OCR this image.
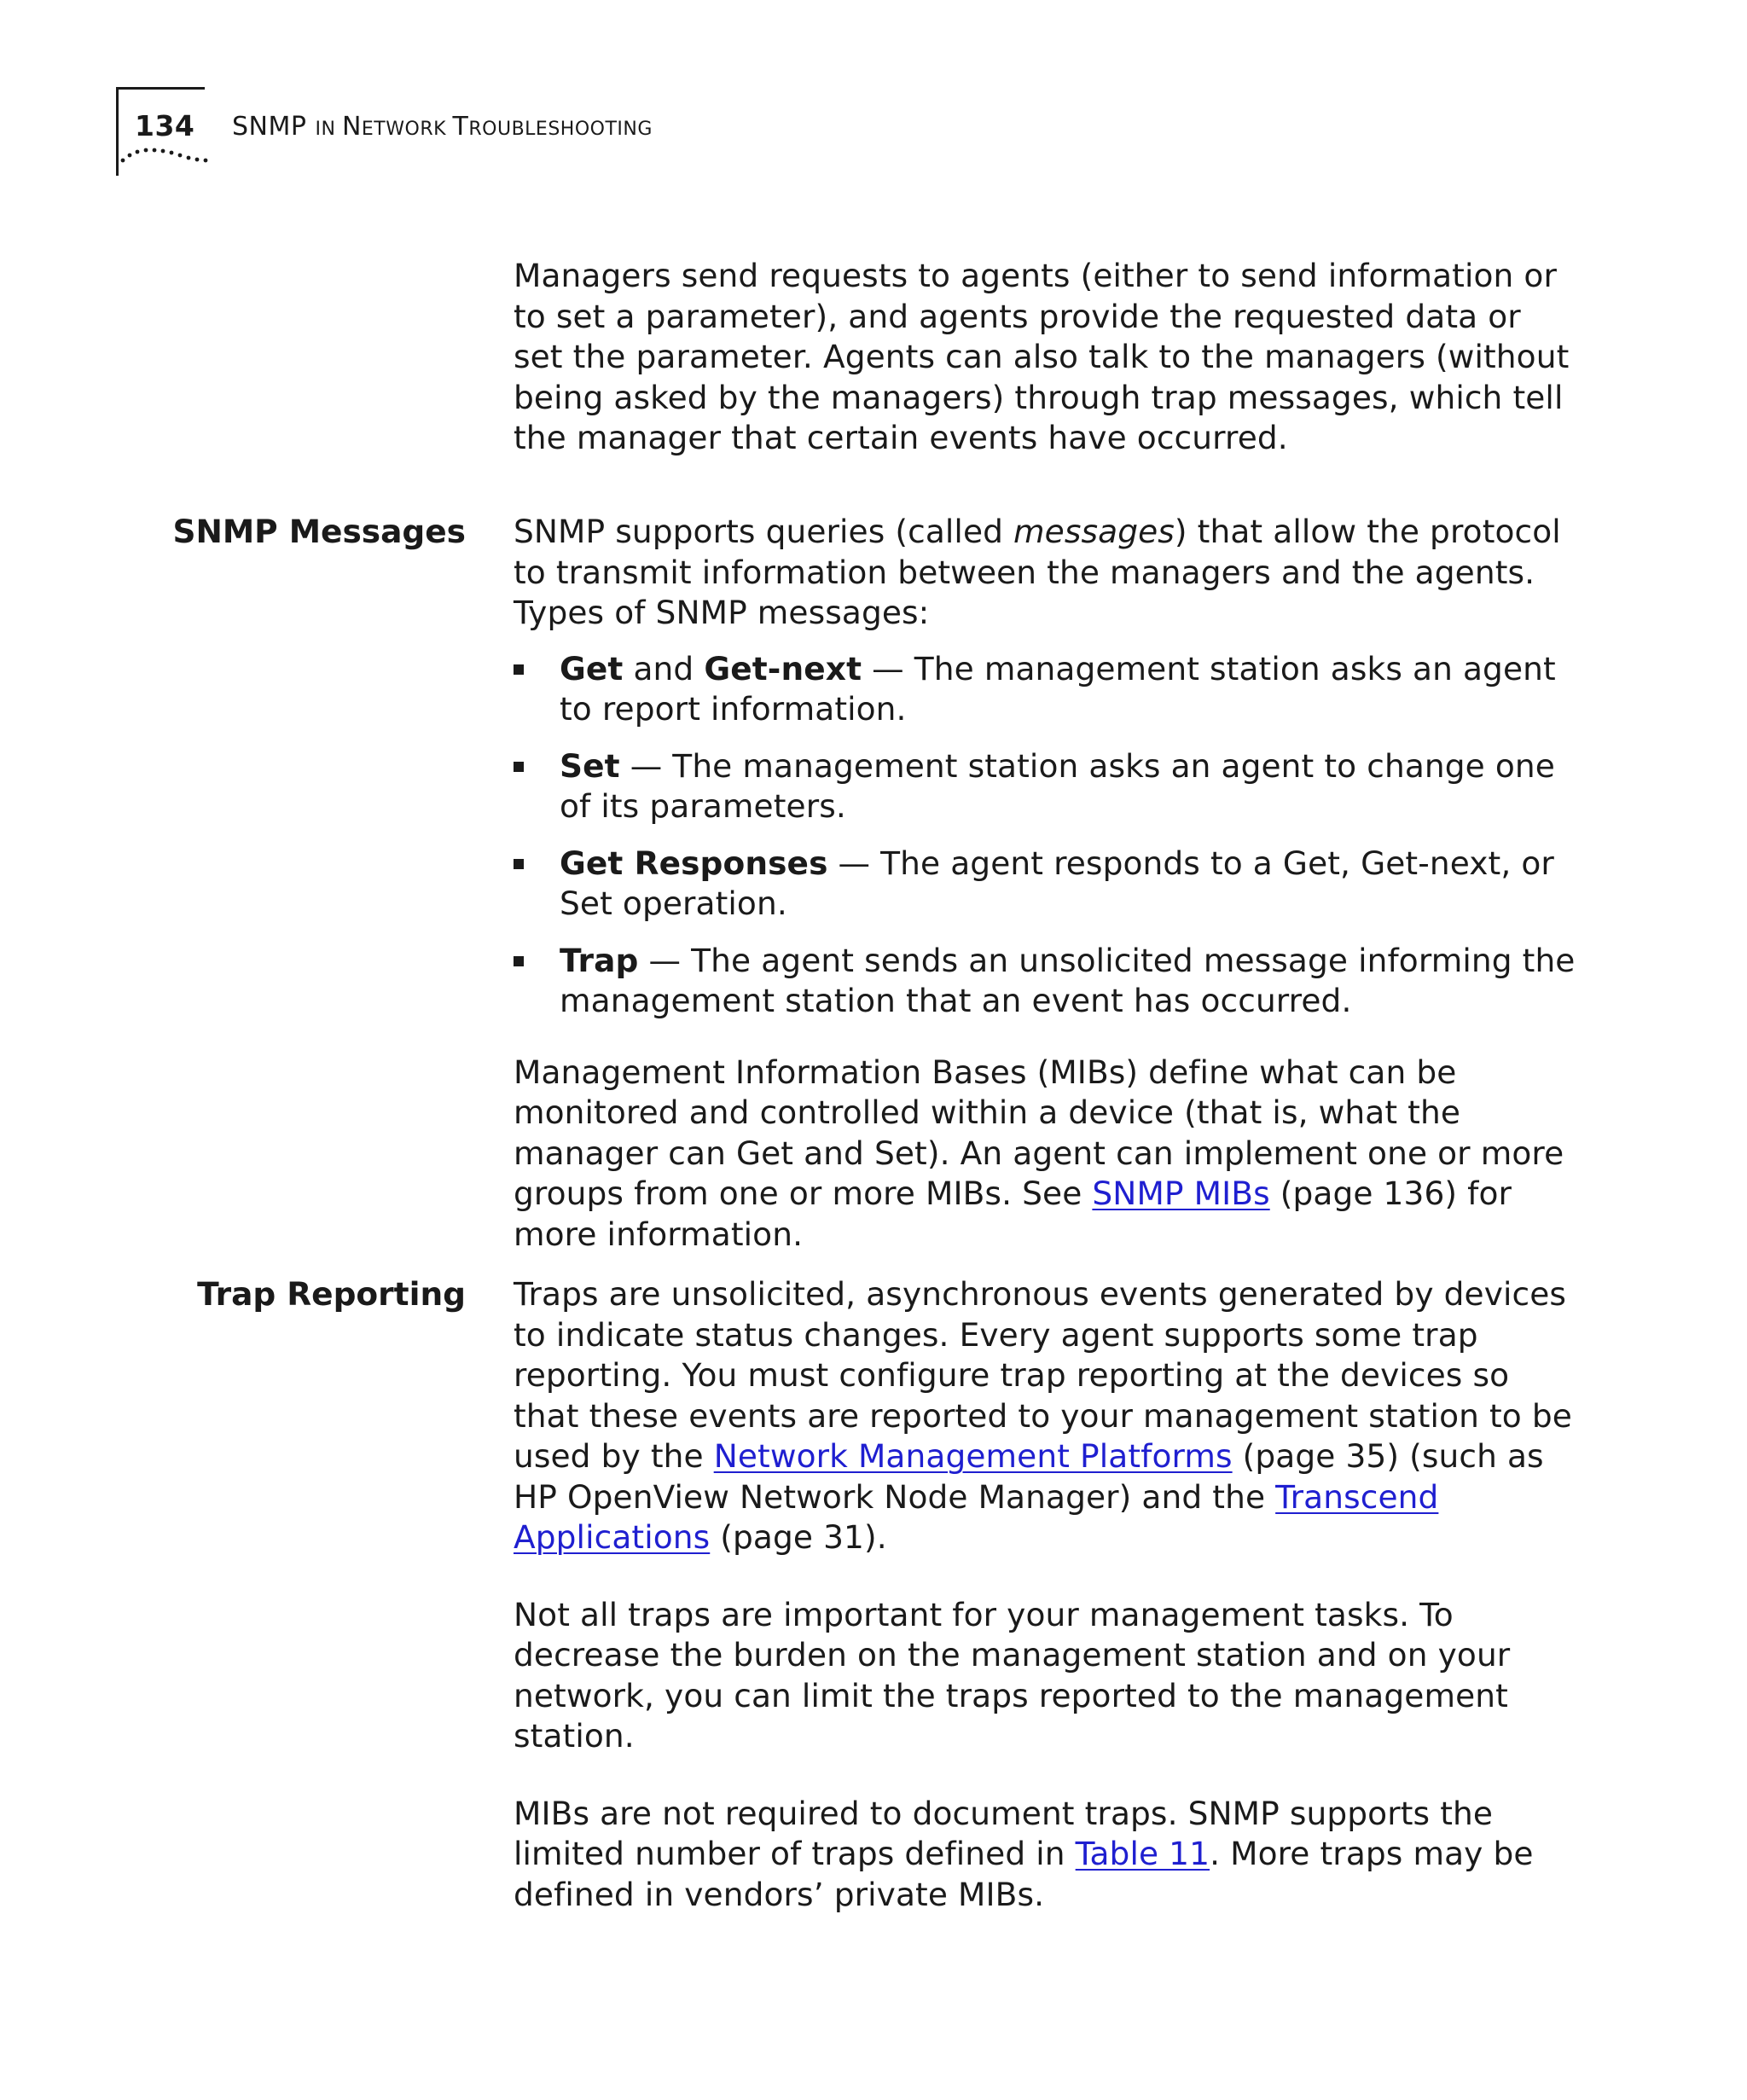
134 SNMP IN NETWORK TROUBLESHOOTING

Managers send requests to agents (either to send information or to set a parameter), and agents provide the requested data or set the parameter. Agents can also talk to the managers (without being asked by the managers) through trap messages, which tell the manager that certain events have occurred.

SNMP Messages SNMP supports queries (called messages) that allow the protocol to transmit information between the managers and the agents. Types of SNMP messages:

Get and Get-next — The management station asks an agent to report information.
Set — The management station asks an agent to change one of its parameters.
Get Responses — The agent responds to a Get, Get-next, or Set operation.
Trap — The agent sends an unsolicited message informing the management station that an event has occurred.

Management Information Bases (MIBs) define what can be monitored and controlled within a device (that is, what the manager can Get and Set). An agent can implement one or more groups from one or more MIBs. See SNMP MIBs (page 136) for more information.

Trap Reporting Traps are unsolicited, asynchronous events generated by devices to indicate status changes. Every agent supports some trap reporting. You must configure trap reporting at the devices so that these events are reported to your management station to be used by the Network Management Platforms (page 35) (such as HP OpenView Network Node Manager) and the Transcend Applications (page 31).

Not all traps are important for your management tasks. To decrease the burden on the management station and on your network, you can limit the traps reported to the management station.

MIBs are not required to document traps. SNMP supports the limited number of traps defined in Table 11. More traps may be defined in vendors’ private MIBs.
